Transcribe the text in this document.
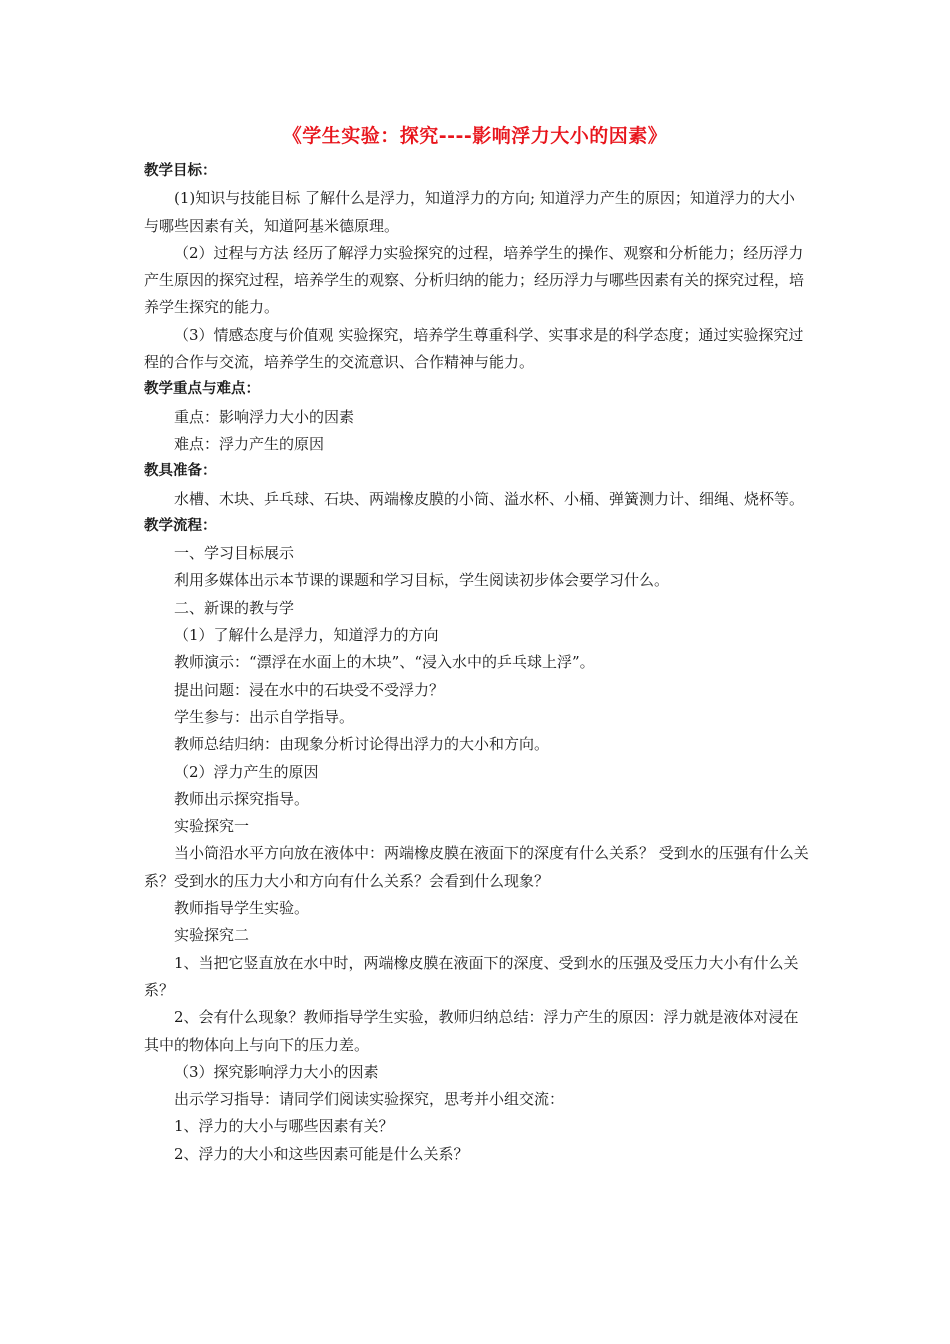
《学生实验：探究----影响浮力大小的因素》

教学目标：

(1)知识与技能目标 了解什么是浮力，知道浮力的方向; 知道浮力产生的原因；知道浮力的大小与哪些因素有关，知道阿基米德原理。

（2）过程与方法 经历了解浮力实验探究的过程，培养学生的操作、观察和分析能力；经历浮力产生原因的探究过程，培养学生的观察、分析归纳的能力；经历浮力与哪些因素有关的探究过程，培养学生探究的能力。

（3）情感态度与价值观 实验探究，培养学生尊重科学、实事求是的科学态度；通过实验探究过程的合作与交流，培养学生的交流意识、合作精神与能力。

教学重点与难点：

重点：影响浮力大小的因素

难点：浮力产生的原因

教具准备：

水槽、木块、乒乓球、石块、两端橡皮膜的小筒、溢水杯、小桶、弹簧测力计、细绳、烧杯等。

教学流程：

一、学习目标展示

利用多媒体出示本节课的课题和学习目标，学生阅读初步体会要学习什么。

二、新课的教与学

（1）了解什么是浮力，知道浮力的方向

教师演示：“漂浮在水面上的木块”、“浸入水中的乒乓球上浮”。

提出问题：浸在水中的石块受不受浮力？

学生参与：出示自学指导。

教师总结归纳：由现象分析讨论得出浮力的大小和方向。

（2）浮力产生的原因

教师出示探究指导。

实验探究一

当小筒沿水平方向放在液体中：两端橡皮膜在液面下的深度有什么关系？ 受到水的压强有什么关系？受到水的压力大小和方向有什么关系？会看到什么现象？

教师指导学生实验。

实验探究二

1、当把它竖直放在水中时，两端橡皮膜在液面下的深度、受到水的压强及受压力大小有什么关系？

2、会有什么现象？教师指导学生实验，教师归纳总结：浮力产生的原因：浮力就是液体对浸在其中的物体向上与向下的压力差。

（3）探究影响浮力大小的因素

出示学习指导：请同学们阅读实验探究，思考并小组交流：

1、浮力的大小与哪些因素有关？

2、浮力的大小和这些因素可能是什么关系？
